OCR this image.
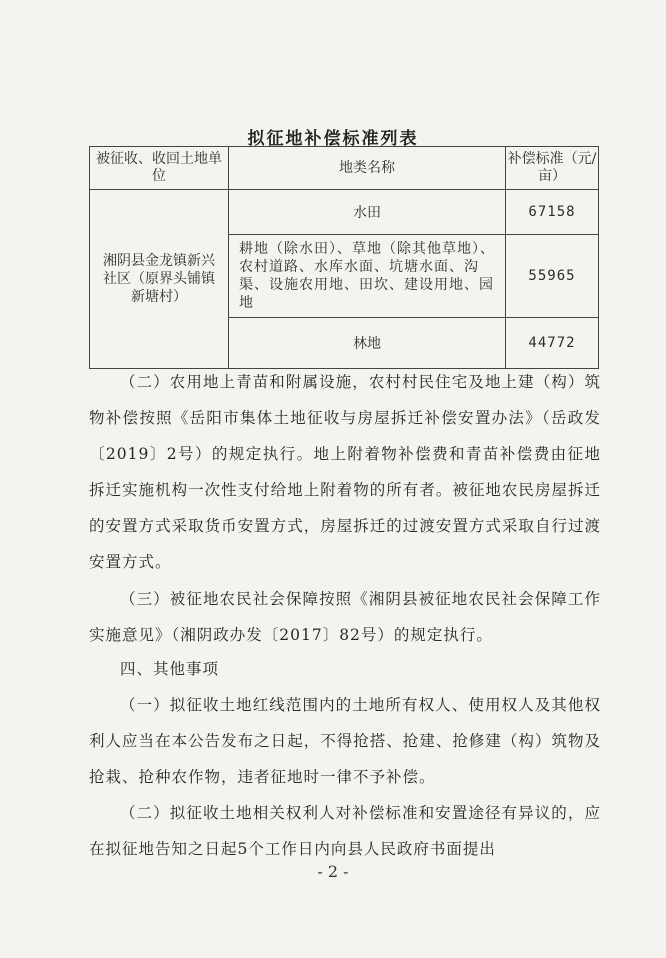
拟征地补偿标准列表
被征收、收回土地单位	地类名称	补偿标准（元/亩）
湘阴县金龙镇新兴社区（原界头铺镇新塘村）	水田	67158
	耕地（除水田）、草地（除其他草地）、农村道路、水库水面、坑塘水面、沟渠、设施农用地、田坎、建设用地、园地	55965
	林地	44772

（二）农用地上青苗和附属设施，农村村民住宅及地上建（构）筑物补偿按照《岳阳市集体土地征收与房屋拆迁补偿安置办法》（岳政发〔2019〕2号）的规定执行。地上附着物补偿费和青苗补偿费由征地拆迁实施机构一次性支付给地上附着物的所有者。被征地农民房屋拆迁的安置方式采取货币安置方式，房屋拆迁的过渡安置方式采取自行过渡安置方式。

（三）被征地农民社会保障按照《湘阴县被征地农民社会保障工作实施意见》（湘阴政办发〔2017〕82号）的规定执行。

四、其他事项

（一）拟征收土地红线范围内的土地所有权人、使用权人及其他权利人应当在本公告发布之日起，不得抢搭、抢建、抢修建（构）筑物及抢栽、抢种农作物，违者征地时一律不予补偿。

（二）拟征收土地相关权利人对补偿标准和安置途径有异议的，应在拟征地告知之日起5个工作日内向县人民政府书面提出

- 2 -
